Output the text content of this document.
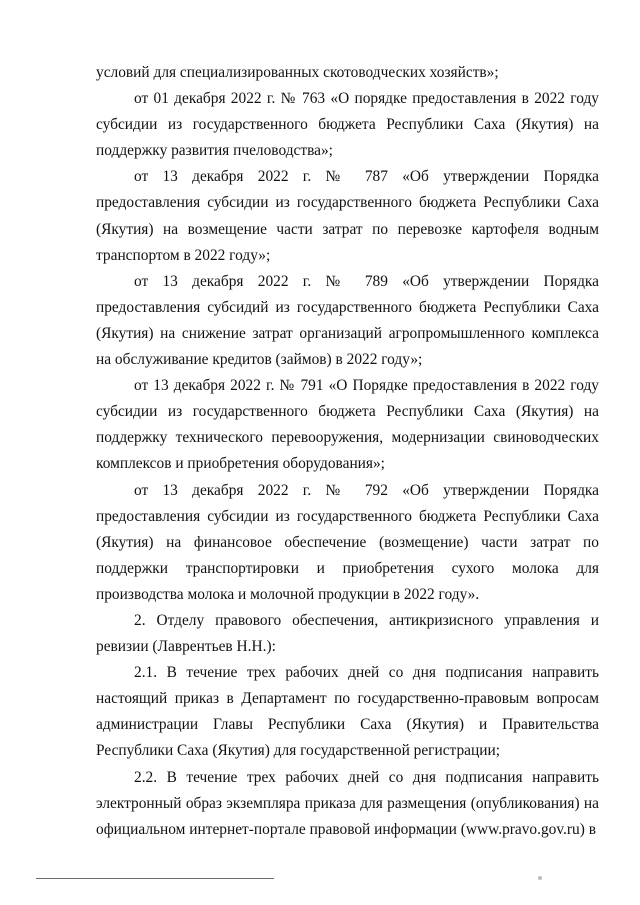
условий для специализированных скотоводческих хозяйств»;

от 01 декабря 2022 г. № 763 «О порядке предоставления в 2022 году субсидии из государственного бюджета Республики Саха (Якутия) на поддержку развития пчеловодства»;

от 13 декабря 2022 г. № 787 «Об утверждении Порядка предоставления субсидии из государственного бюджета Республики Саха (Якутия) на возмещение части затрат по перевозке картофеля водным транспортом в 2022 году»;

от 13 декабря 2022 г. № 789 «Об утверждении Порядка предоставления субсидий из государственного бюджета Республики Саха (Якутия) на снижение затрат организаций агропромышленного комплекса на обслуживание кредитов (займов) в 2022 году»;

от 13 декабря 2022 г. № 791 «О Порядке предоставления в 2022 году субсидии из государственного бюджета Республики Саха (Якутия) на поддержку технического перевооружения, модернизации свиноводческих комплексов и приобретения оборудования»;

от 13 декабря 2022 г. № 792 «Об утверждении Порядка предоставления субсидии из государственного бюджета Республики Саха (Якутия) на финансовое обеспечение (возмещение) части затрат по поддержки транспортировки и приобретения сухого молока для производства молока и молочной продукции в 2022 году».

2. Отделу правового обеспечения, антикризисного управления и ревизии (Лаврентьев Н.Н.):

2.1. В течение трех рабочих дней со дня подписания направить настоящий приказ в Департамент по государственно-правовым вопросам администрации Главы Республики Саха (Якутия) и Правительства Республики Саха (Якутия) для государственной регистрации;

2.2. В течение трех рабочих дней со дня подписания направить электронный образ экземпляра приказа для размещения (опубликования) на официальном интернет-портале правовой информации (www.pravo.gov.ru) в
